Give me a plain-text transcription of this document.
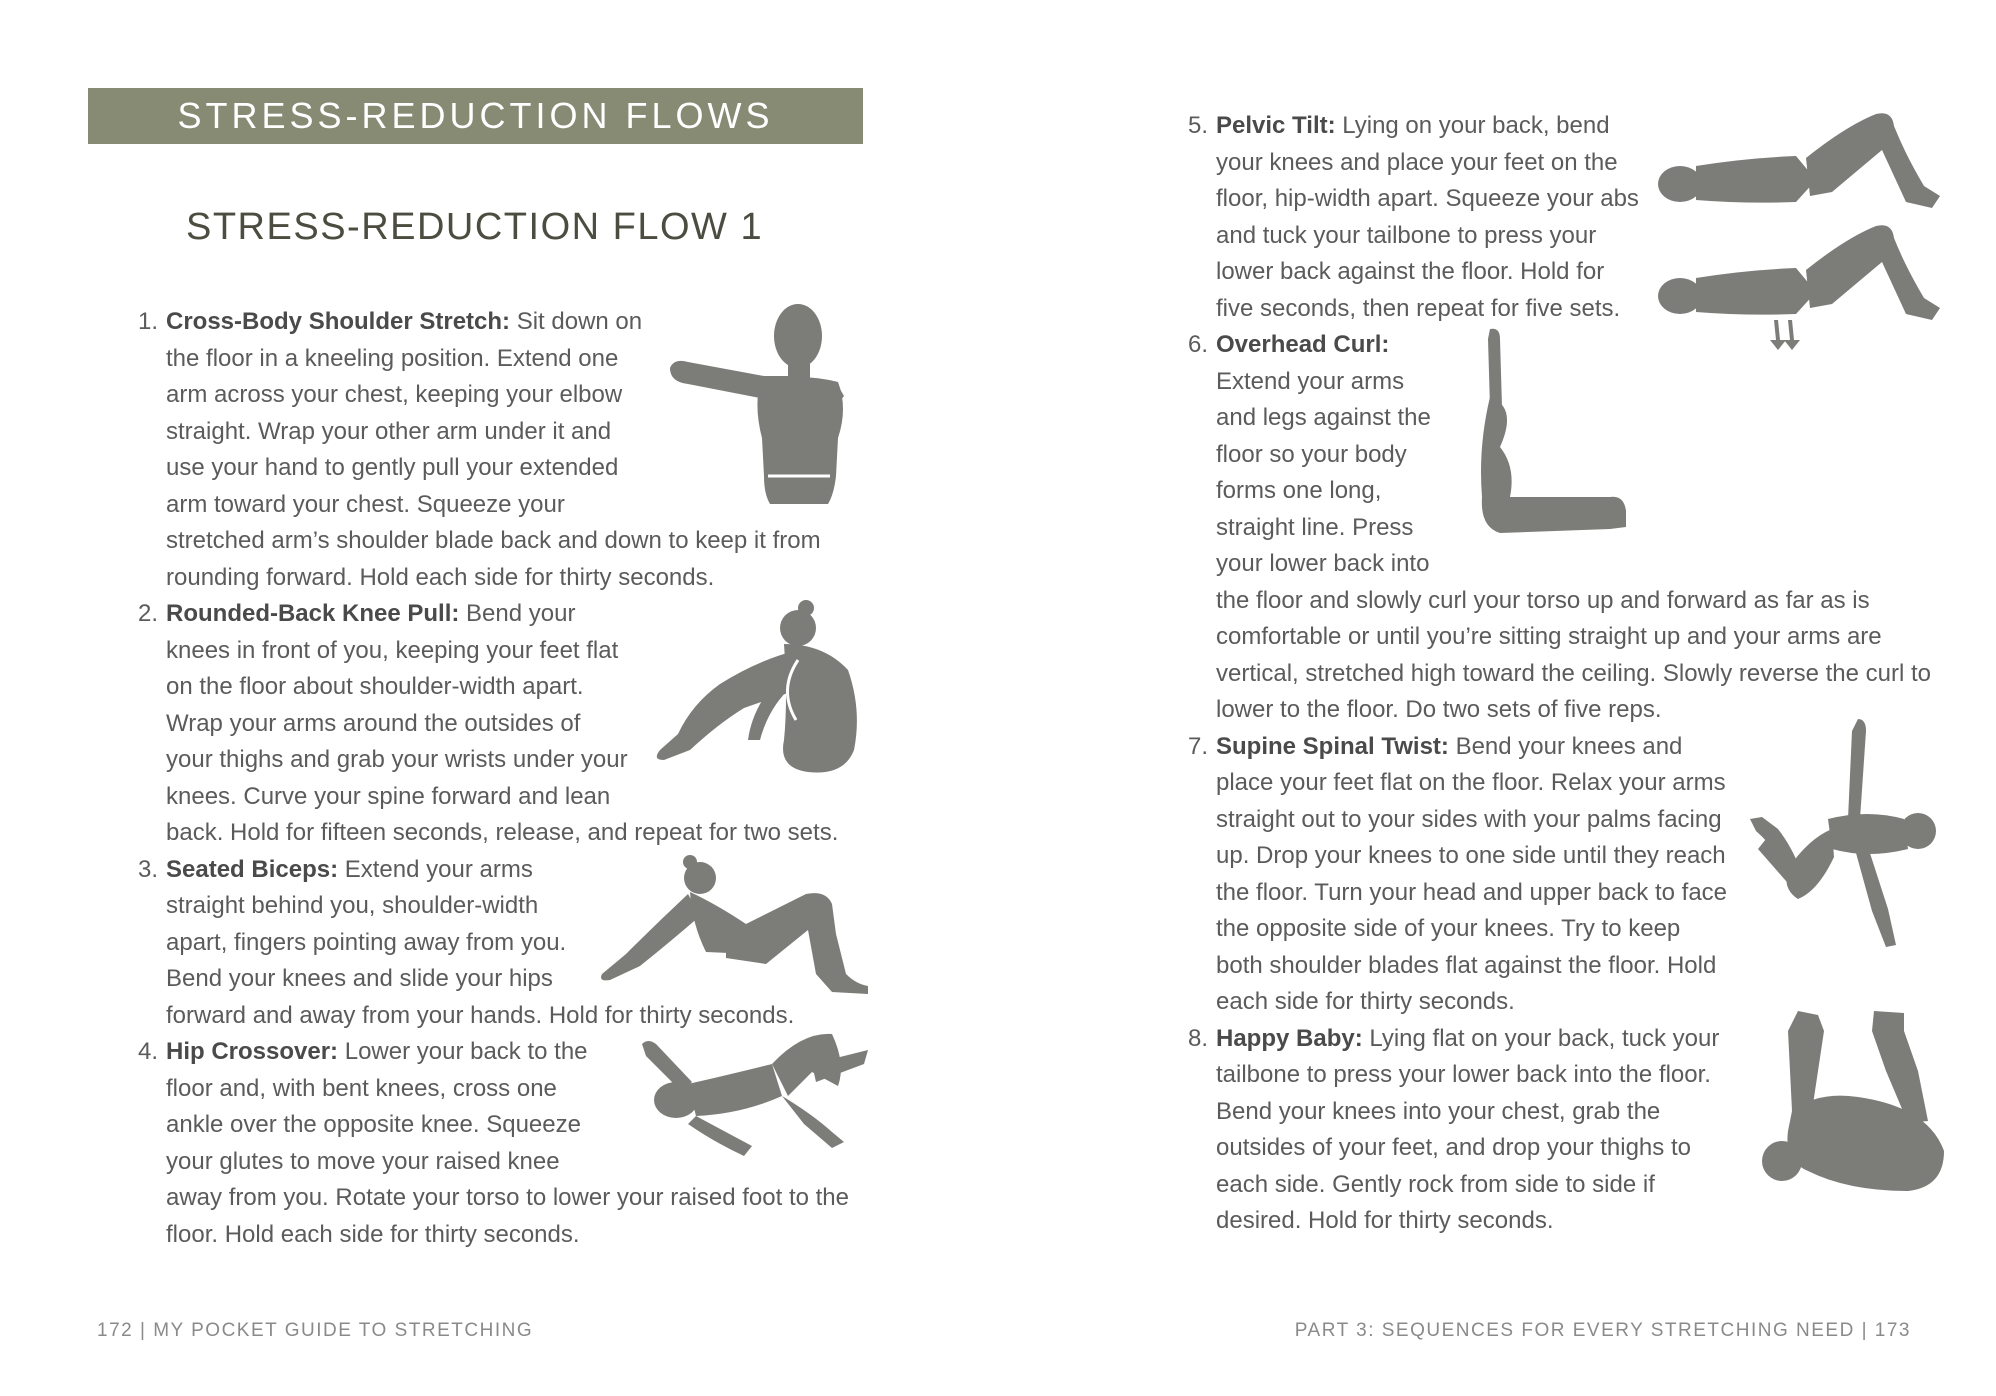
STRESS-REDUCTION FLOWS
STRESS-REDUCTION FLOW 1
1. Cross-Body Shoulder Stretch: Sit down on the floor in a kneeling position. Extend one arm across your chest, keeping your elbow straight. Wrap your other arm under it and use your hand to gently pull your extended arm toward your chest. Squeeze your stretched arm’s shoulder blade back and down to keep it from rounding forward. Hold each side for thirty seconds.
2. Rounded-Back Knee Pull: Bend your knees in front of you, keeping your feet flat on the floor about shoulder-width apart. Wrap your arms around the outsides of your thighs and grab your wrists under your knees. Curve your spine forward and lean back. Hold for fifteen seconds, release, and repeat for two sets.
3. Seated Biceps: Extend your arms straight behind you, shoulder-width apart, fingers pointing away from you. Bend your knees and slide your hips forward and away from your hands. Hold for thirty seconds.
4. Hip Crossover: Lower your back to the floor and, with bent knees, cross one ankle over the opposite knee. Squeeze your glutes to move your raised knee away from you. Rotate your torso to lower your raised foot to the floor. Hold each side for thirty seconds.
172 | MY POCKET GUIDE TO STRETCHING
5. Pelvic Tilt: Lying on your back, bend your knees and place your feet on the floor, hip-width apart. Squeeze your abs and tuck your tailbone to press your lower back against the floor. Hold for five seconds, then repeat for five sets.
6. Overhead Curl: Extend your arms and legs against the floor so your body forms one long, straight line. Press your lower back into the floor and slowly curl your torso up and forward as far as is comfortable or until you’re sitting straight up and your arms are vertical, stretched high toward the ceiling. Slowly reverse the curl to lower to the floor. Do two sets of five reps.
7. Supine Spinal Twist: Bend your knees and place your feet flat on the floor. Relax your arms straight out to your sides with your palms facing up. Drop your knees to one side until they reach the floor. Turn your head and upper back to face the opposite side of your knees. Try to keep both shoulder blades flat against the floor. Hold each side for thirty seconds.
8. Happy Baby: Lying flat on your back, tuck your tailbone to press your lower back into the floor. Bend your knees into your chest, grab the outsides of your feet, and drop your thighs to each side. Gently rock from side to side if desired. Hold for thirty seconds.
PART 3: SEQUENCES FOR EVERY STRETCHING NEED | 173
